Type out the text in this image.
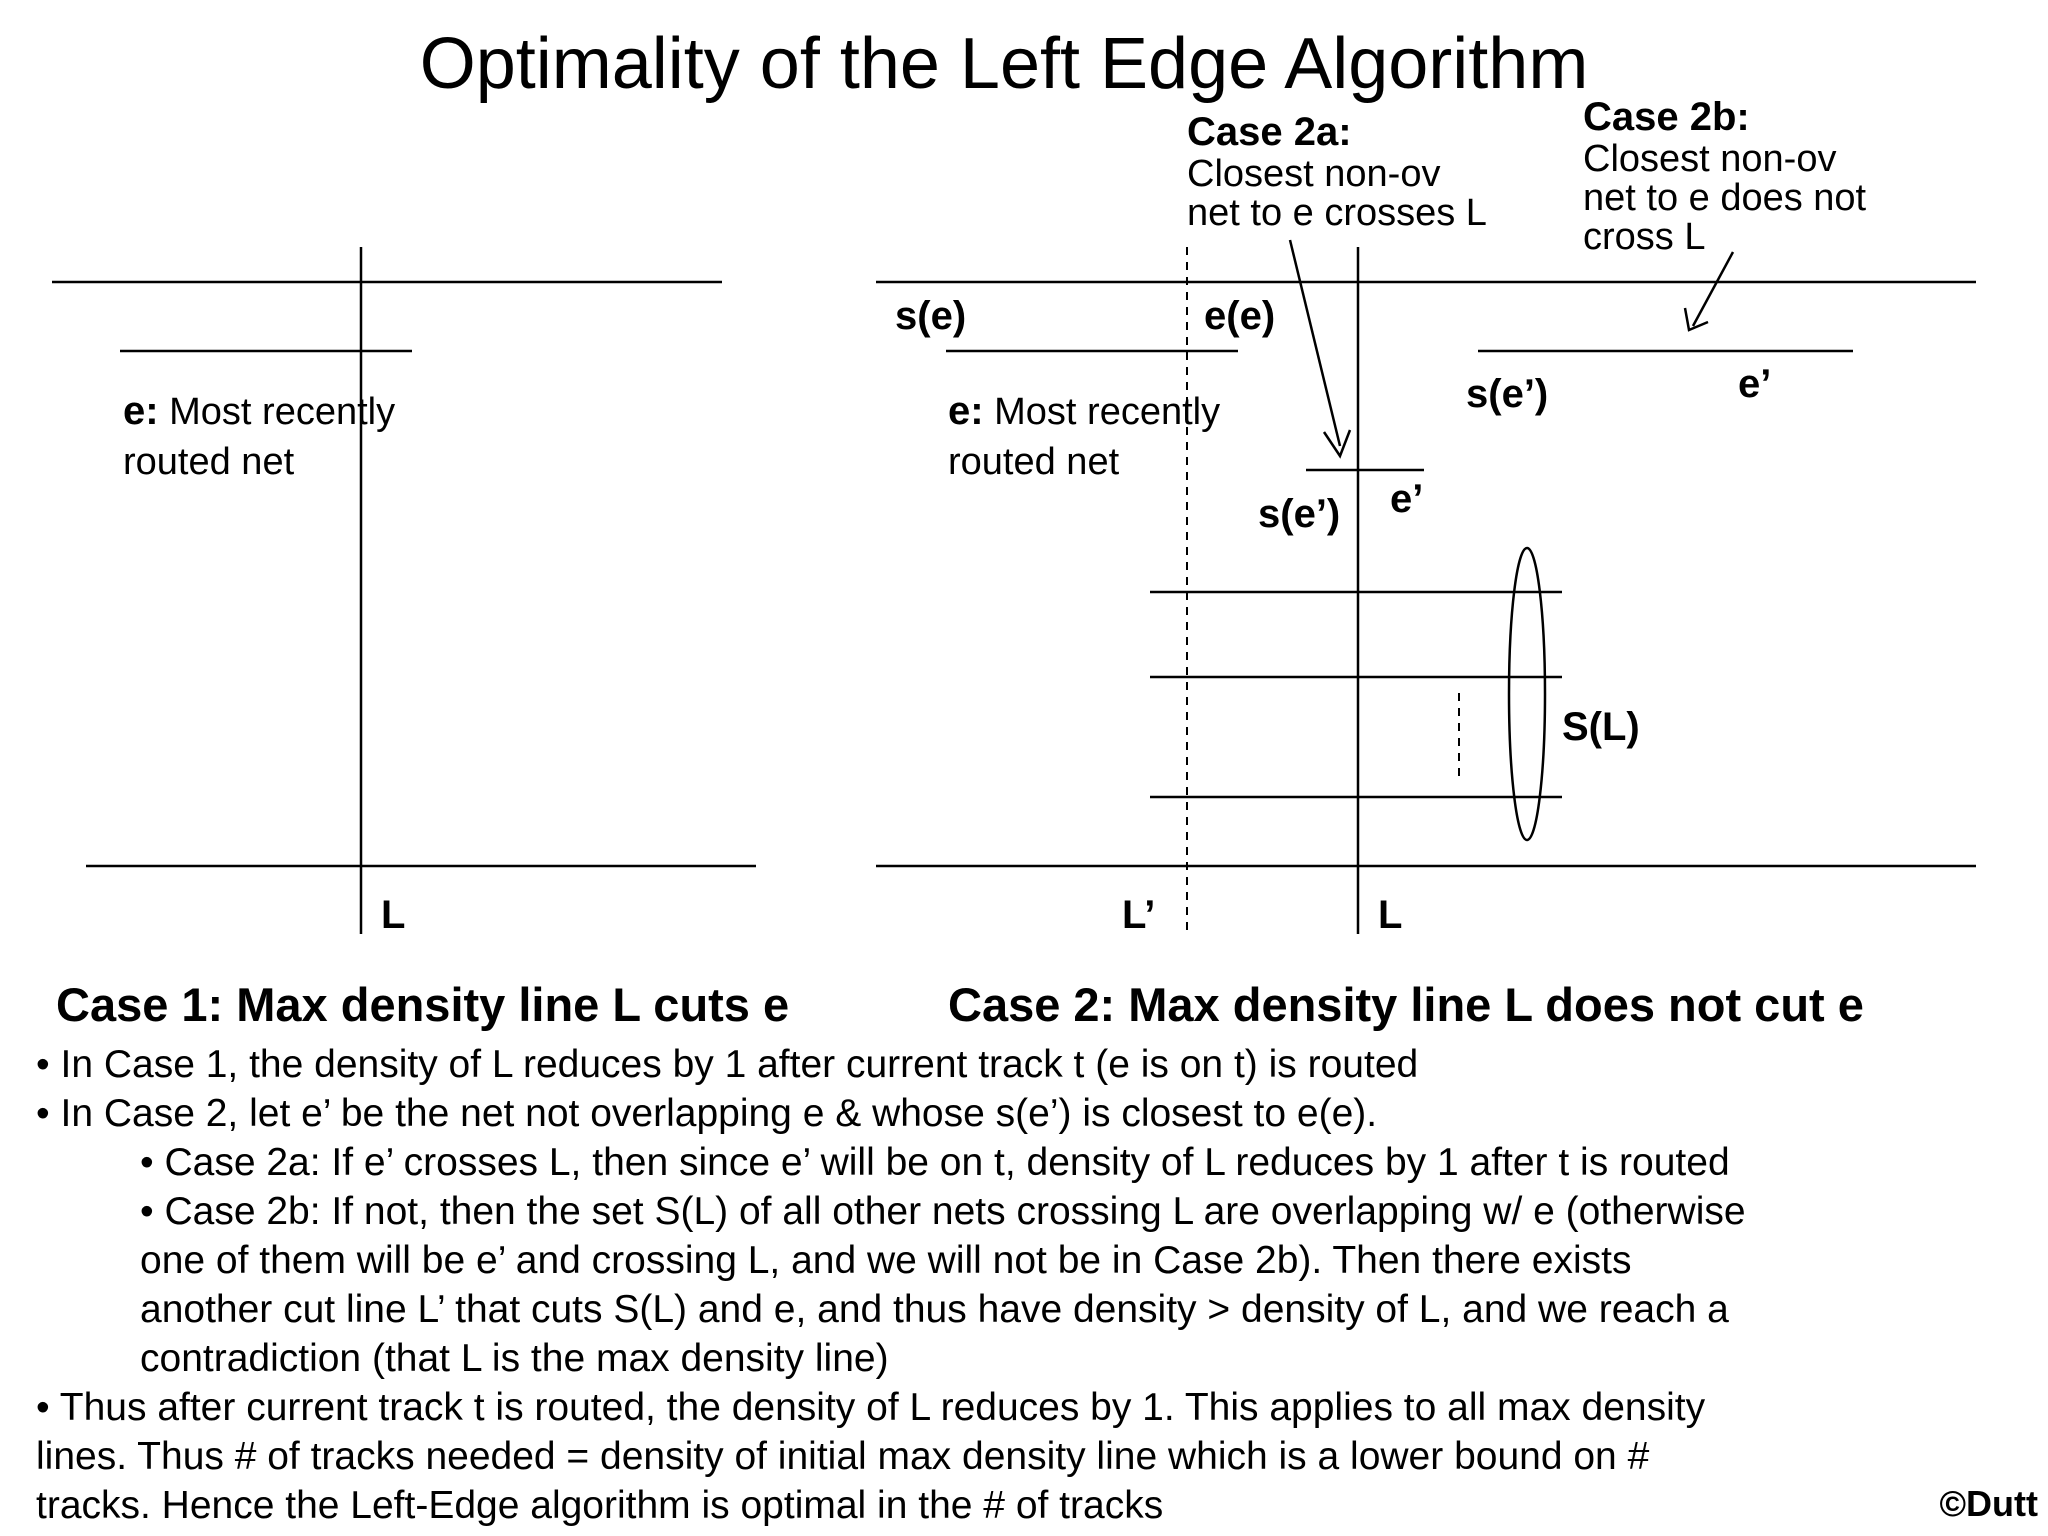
Optimality of the Left Edge Algorithm
e: Most recently
routed net
L
s(e)	e(e)
e: Most recently
routed net
L’	L
Case 2a:
Closest non-ov
net to e crosses L
s(e’) e’
Case 2b:
Closest non-ov
net to e does not
cross L
s(e’)	e’
S(L)
Case 1: Max density line L cuts e	Case 2: Max density line L does not cut e
• In Case 1, the density of L reduces by 1 after current track t (e is on t) is routed
• In Case 2, let e’ be the net not overlapping e & whose s(e’) is closest to e(e).
• Case 2a: If e’ crosses L, then since e’ will be on t, density of L reduces by 1 after t is routed
• Case 2b: If not, then the set S(L) of all other nets crossing L are overlapping w/ e (otherwise
one of them will be e’ and crossing L, and we will not be in Case 2b). Then there exists
another cut line L’ that cuts S(L) and e, and thus have density > density of L, and we reach a
contradiction (that L is the max density line)
• Thus after current track t is routed, the density of L reduces by 1. This applies to all max density
lines. Thus # of tracks needed = density of initial max density line which is a lower bound on #
tracks. Hence the Left-Edge algorithm is optimal in the # of tracks	©Dutt
